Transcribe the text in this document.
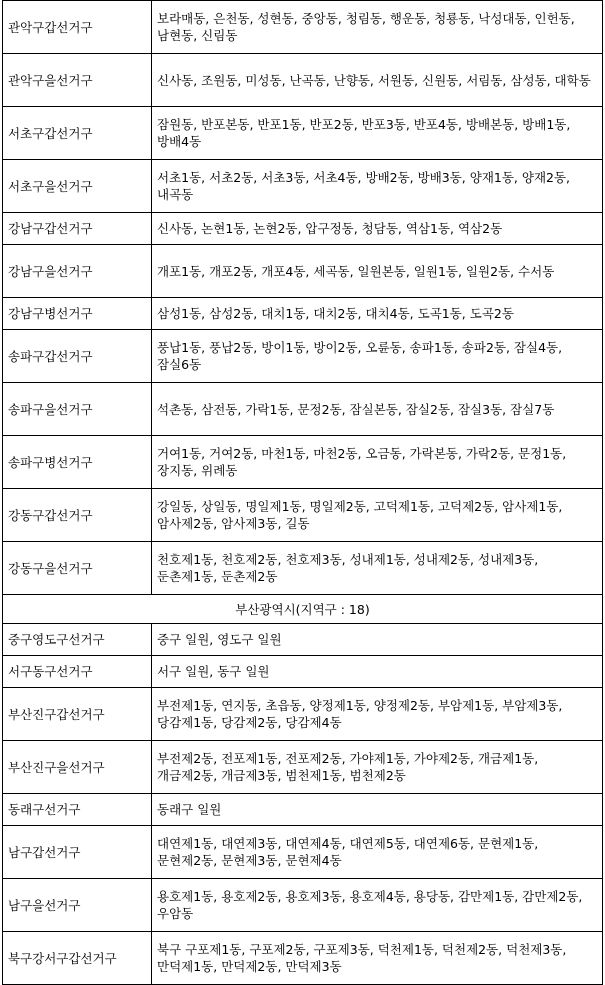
관악구갑선거구	보라매동, 은천동, 성현동, 중앙동, 청림동, 행운동, 청룡동, 낙성대동, 인헌동, 남현동, 신림동
관악구을선거구	신사동, 조원동, 미성동, 난곡동, 난향동, 서원동, 신원동, 서림동, 삼성동, 대학동
서초구갑선거구	잠원동, 반포본동, 반포1동, 반포2동, 반포3동, 반포4동, 방배본동, 방배1동, 방배4동
서초구을선거구	서초1동, 서초2동, 서초3동, 서초4동, 방배2동, 방배3동, 양재1동, 양재2동, 내곡동
강남구갑선거구	신사동, 논현1동, 논현2동, 압구정동, 청담동, 역삼1동, 역삼2동
강남구을선거구	개포1동, 개포2동, 개포4동, 세곡동, 일원본동, 일원1동, 일원2동, 수서동
강남구병선거구	삼성1동, 삼성2동, 대치1동, 대치2동, 대치4동, 도곡1동, 도곡2동
송파구갑선거구	풍납1동, 풍납2동, 방이1동, 방이2동, 오륜동, 송파1동, 송파2동, 잠실4동, 잠실6동
송파구을선거구	석촌동, 삼전동, 가락1동, 문정2동, 잠실본동, 잠실2동, 잠실3동, 잠실7동
송파구병선거구	거여1동, 거여2동, 마천1동, 마천2동, 오금동, 가락본동, 가락2동, 문정1동, 장지동, 위례동
강동구갑선거구	강일동, 상일동, 명일제1동, 명일제2동, 고덕제1동, 고덕제2동, 암사제1동, 암사제2동, 암사제3동, 길동
강동구을선거구	천호제1동, 천호제2동, 천호제3동, 성내제1동, 성내제2동, 성내제3동, 둔촌제1동, 둔촌제2동
부산광역시(지역구 : 18)	
중구영도구선거구	중구 일원, 영도구 일원
서구동구선거구	서구 일원, 동구 일원
부산진구갑선거구	부전제1동, 연지동, 초읍동, 양정제1동, 양정제2동, 부암제1동, 부암제3동, 당감제1동, 당감제2동, 당감제4동
부산진구을선거구	부전제2동, 전포제1동, 전포제2동, 가야제1동, 가야제2동, 개금제1동, 개금제2동, 개금제3동, 범천제1동, 범천제2동
동래구선거구	동래구 일원
남구갑선거구	대연제1동, 대연제3동, 대연제4동, 대연제5동, 대연제6동, 문현제1동, 문현제2동, 문현제3동, 문현제4동
남구을선거구	용호제1동, 용호제2동, 용호제3동, 용호제4동, 용당동, 감만제1동, 감만제2동, 우암동
북구강서구갑선거구	북구 구포제1동, 구포제2동, 구포제3동, 덕천제1동, 덕천제2동, 덕천제3동, 만덕제1동, 만덕제2동, 만덕제3동
